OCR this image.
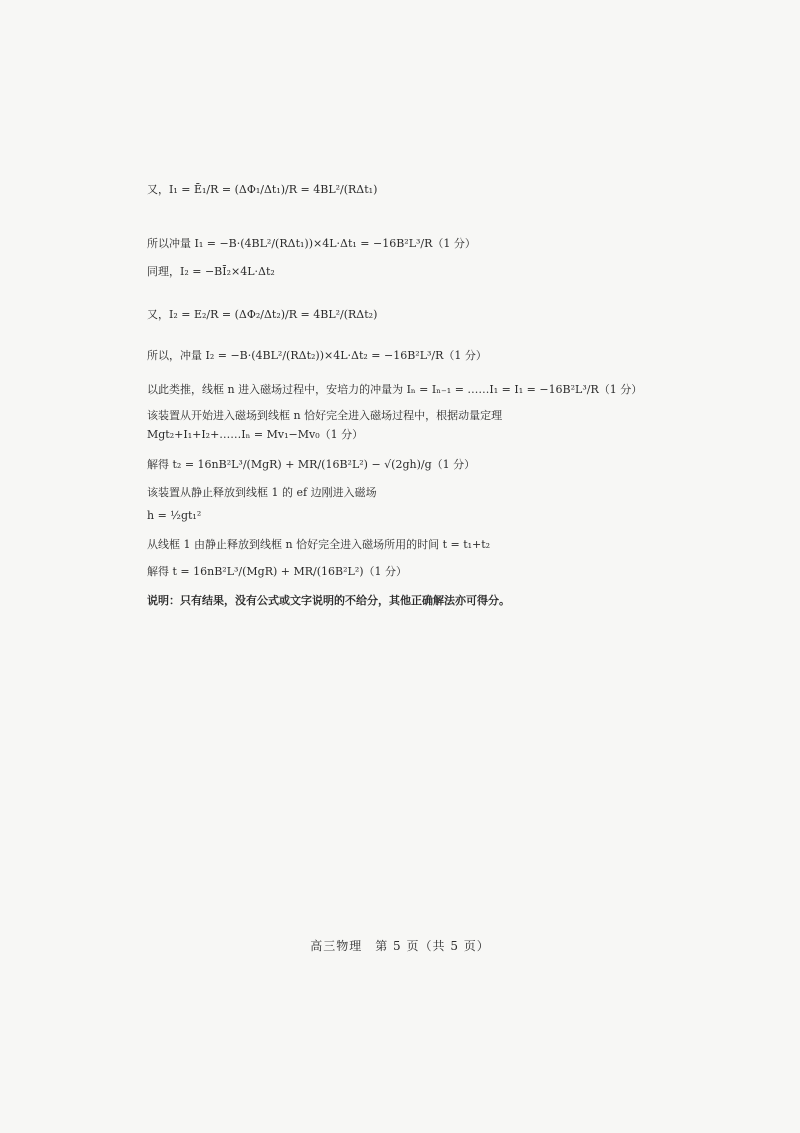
又， I₁ = Ē₁/R = (ΔΦ₁/Δt₁)/R = 4BL²/(RΔt₁)
所以冲量 I₁ = −B·(4BL²/(RΔt₁))×4L·Δt₁ = −16B²L³/R（1 分）
同理，I₂ = −BĪ₂×4L·Δt₂
又， I₂ = E₂/R = (ΔΦ₂/Δt₂)/R = 4BL²/(RΔt₂)
所以，冲量 I₂ = −B·(4BL²/(RΔt₂))×4L·Δt₂ = −16B²L³/R（1 分）
以此类推，线框 n 进入磁场过程中，安培力的冲量为 Iₙ = Iₙ₋₁ = ……I₁ = I₁ = −16B²L³/R（1 分）
该装置从开始进入磁场到线框 n 恰好完全进入磁场过程中，根据动量定理
Mgt₂+I₁+I₂+……Iₙ = Mv₁−Mv₀（1 分）
解得 t₂ = 16nB²L³/(MgR) + MR/(16B²L²) − √(2gh)/g（1 分）
该装置从静止释放到线框 1 的 ef 边刚进入磁场
h = ½gt₁²
从线框 1 由静止释放到线框 n 恰好完全进入磁场所用的时间 t = t₁+t₂
解得 t = 16nB²L³/(MgR) + MR/(16B²L²)（1 分）
说明：只有结果，没有公式或文字说明的不给分，其他正确解法亦可得分。
高三物理　第 5 页（共 5 页）
